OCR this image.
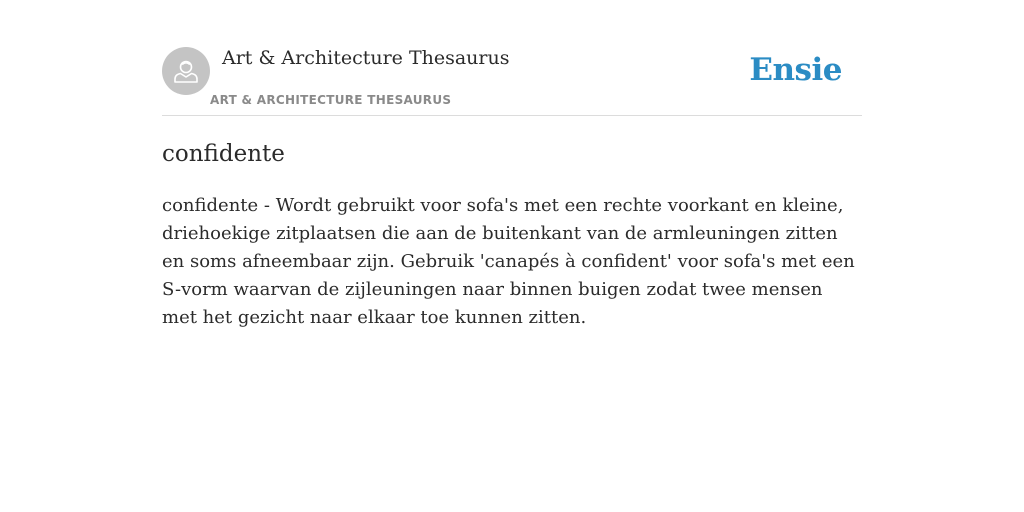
Art & Architecture Thesaurus
ART & ARCHITECTURE THESAURUS
Ensie
confidente

confidente - Wordt gebruikt voor sofa's met een rechte voorkant en kleine, driehoekige zitplaatsen die aan de buitenkant van de armleuningen zitten en soms afneembaar zijn. Gebruik 'canapés à confident' voor sofa's met een S-vorm waarvan de zijleuningen naar binnen buigen zodat twee mensen met het gezicht naar elkaar toe kunnen zitten.
